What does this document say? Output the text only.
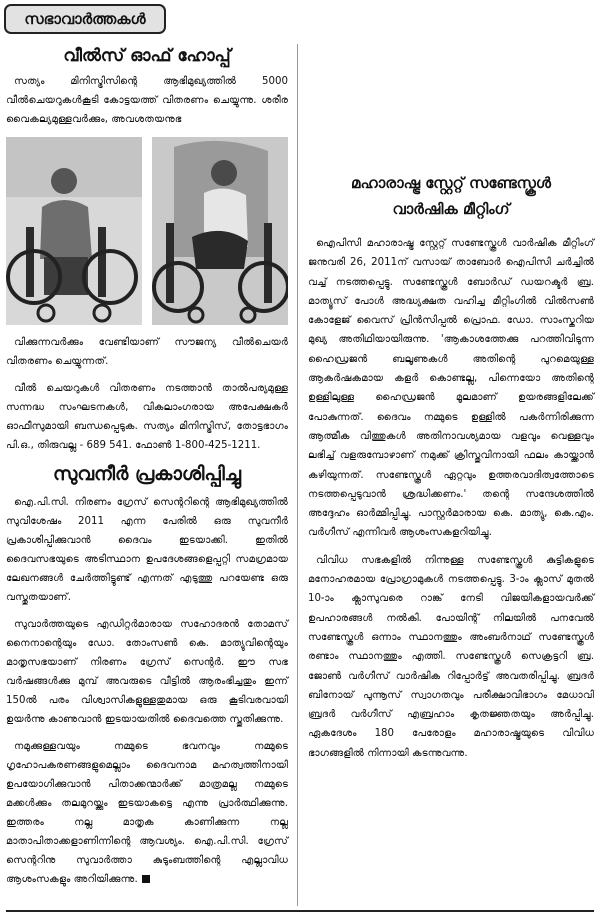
സഭാവാർത്തകൾ
വീൽസ് ഓഫ് ഹോപ്പ്

സത്യം മിനിസ്ട്രിസിന്റെ ആഭിമുഖ്യത്തിൽ 5000 വീൽചെയറുകൾകൂടി കോട്ടയത്ത് വിതരണം ചെയ്യുന്നു. ശരീര വൈകല്യമുള്ളവർക്കും, അവശതയനുഭ

വിക്കുന്നവർക്കും വേണ്ടിയാണ് സൗജന്യ വീൽചെയർ വിതരണം ചെയ്യുന്നത്.

വീൽ ചെയറുകൾ വിതരണം നടത്താൻ താൽപര്യമുള്ള സന്നദ്ധ സംഘടനകൾ, വികലാംഗരായ അപേക്ഷകർ ഓഫീസുമായി ബന്ധപ്പെടുക. സത്യം മിനിസ്ട്രിസ്, തോട്ടഭാഗം പി.ഒ., തിരുവല്ല - 689 541. ഫോൺ 1-800-425-1211.

സുവനീർ പ്രകാശിപ്പിച്ചു

ഐ.പി.സി. നിരണം ഗ്രേസ് സെന്ററിന്റെ ആഭിമുഖ്യത്തിൽ സുവിശേഷം 2011 എന്ന പേരിൽ ഒരു സുവനീർ പ്രകാശിപ്പിക്കുവാൻ ദൈവം ഇടയാക്കി. ഇതിൽ ദൈവസഭയുടെ അടിസ്ഥാന ഉപദേശങ്ങളെപ്പറ്റി സമഗ്രമായ ലേഖനങ്ങൾ ചേർത്തിട്ടുണ്ട് എന്നത് എടുത്തു പറയേണ്ട ഒരു വസ്തുതയാണ്.

സുവാർത്തയുടെ എഡിറ്റർമാരായ സഹോദരൻ തോമസ് നൈനാന്റെയും ഡോ. തോംസൺ കെ. മാത്യുവിന്റെയും മാതൃസഭയാണ് നിരണം ഗ്രേസ് സെന്റർ. ഈ സഭ വർഷങ്ങൾക്കു മുമ്പ് അവരുടെ വീട്ടിൽ ആരംഭിച്ചതും ഇന്ന് 150ൽ പരം വിശ്വാസികളുള്ളതുമായ ഒരു കൂടിവരവായി ഉയർന്നു കാണുവാൻ ഇടയായതിൽ ദൈവത്തെ സ്തുതിക്കുന്നു.

നമുക്കുള്ളവയും നമ്മുടെ ഭവനവും നമ്മുടെ ഗൃഹോപകരണങ്ങളുമെല്ലാം ദൈവനാമ മഹത്വത്തിനായി ഉപയോഗിക്കുവാൻ പിതാക്കന്മാർക്ക് മാത്രമല്ല നമ്മുടെ മക്കൾക്കും തലമുറയ്ക്കും ഇടയാകട്ടെ എന്നു പ്രാർത്ഥിക്കുന്നു. ഇത്തരം നല്ല മാതൃക കാണിക്കുന്ന നല്ല മാതാപിതാക്കളാണിന്നിന്റെ ആവശ്യം. ഐ.പി.സി. ഗ്രേസ് സെന്ററിനു സുവാർത്താ കുടുംബത്തിന്റെ എല്ലാവിധ ആശംസകളും അറിയിക്കുന്നു.

മഹാരാഷ്ട്ര സ്റ്റേറ്റ് സണ്ടേസ്കൂൾ
വാർഷിക മീറ്റിംഗ്

ഐപിസി മഹാരാഷ്ട്ര സ്റ്റേറ്റ് സണ്ടേസ്കൂൾ വാർഷിക മീറ്റിംഗ് ജനുവരി 26, 2011ന് വസായ് താബോർ ഐപിസി ചർച്ചിൽ വച്ച് നടത്തപ്പെട്ടു. സണ്ടേസ്കൂൾ ബോർഡ് ഡയറക്ടർ ബ്ര. മാത്യൂസ് പോൾ അദ്ധ്യക്ഷത വഹിച്ച മീറ്റിംഗിൽ വിൽസൺ കോളേജ് വൈസ് പ്രിൻസിപ്പൽ പ്രൊഫ. ഡോ. സാംസ്കറിയ മുഖ്യ അതിഥിയായിരുന്നു. 'ആകാശത്തേക്കു പറത്തിവിടുന്ന ഹൈഡ്രജൻ ബലൂണുകൾ അതിന്റെ പുറമെയുള്ള ആകർഷകമായ കളർ കൊണ്ടല്ല, പിന്നെയോ അതിന്റെ ഉള്ളിലുള്ള ഹൈഡ്രജൻ മൂലമാണ് ഉയരങ്ങളിലേക്ക് പോകുന്നത്. ദൈവം നമ്മുടെ ഉള്ളിൽ പകർന്നിരിക്കുന്ന ആത്മീക വിത്തുകൾ അതിനാവശ്യമായ വളവും വെള്ളവും ലഭിച്ച് വളരുമ്പോഴാണ് നമുക്ക് ക്രിസ്തുവിനായി ഫലം കായ്ക്കാൻ കഴിയുന്നത്. സണ്ടേസ്കൂൾ ഏറ്റവും ഉത്തരവാദിത്വത്തോടെ നടത്തപ്പെടുവാൻ ശ്രദ്ധിക്കണം.' തന്റെ സന്ദേശത്തിൽ അദ്ദേഹം ഓർമ്മിപ്പിച്ചു. പാസ്റ്റർമാരായ കെ. മാത്യു, കെ.എം. വർഗീസ് എന്നിവർ ആശംസകളറിയിച്ചു.

വിവിധ സഭകളിൽ നിന്നുള്ള സണ്ടേസ്കൂൾ കുട്ടികളുടെ മനോഹരമായ പ്രോഗ്രാമുകൾ നടത്തപ്പെട്ടു. 3-ാം ക്ലാസ് മുതൽ 10-ാം ക്ലാസുവരെ റാങ്ക് നേടി വിജയികളായവർക്ക് ഉപഹാരങ്ങൾ നൽകി. പോയിന്റ് നിലയിൽ പനവേൽ സണ്ടേസ്കൂൾ ഒന്നാം സ്ഥാനത്തും അംബർനാഥ് സണ്ടേസ്കൂൾ രണ്ടാം സ്ഥാനത്തും എത്തി. സണ്ടേസ്കൂൾ സെക്രട്ടറി ബ്ര. ജോൺ വർഗീസ് വാർഷിക റിപ്പോർട്ട് അവതരിപ്പിച്ചു. ബ്രദർ ബിനോയ് പുന്നൂസ് സ്വാഗതവും പരീക്ഷാവിഭാഗം മേധാവി ബ്രദർ വർഗീസ് എബ്രഹാം കൃതജ്ഞതയും അർപ്പിച്ചു. ഏകദേശം 180 പേരോളം മഹാരാഷ്ട്രയുടെ വിവിധ ഭാഗങ്ങളിൽ നിന്നായി കടന്നുവന്നു.
